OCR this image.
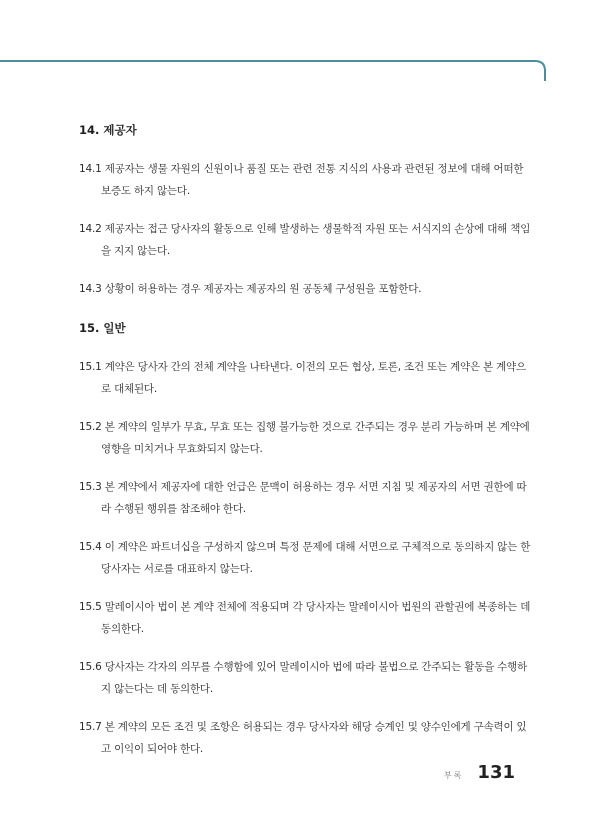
14. 제공자

14.1 제공자는 생물 자원의 신원이나 품질 또는 관련 전통 지식의 사용과 관련된 정보에 대해 어떠한 보증도 하지 않는다.

14.2 제공자는 접근 당사자의 활동으로 인해 발생하는 생물학적 자원 또는 서식지의 손상에 대해 책임을 지지 않는다.

14.3 상황이 허용하는 경우 제공자는 제공자의 원 공동체 구성원을 포함한다.

15. 일반

15.1 계약은 당사자 간의 전체 계약을 나타낸다. 이전의 모든 협상, 토론, 조건 또는 계약은 본 계약으로 대체된다.

15.2 본 계약의 일부가 무효, 무효 또는 집행 불가능한 것으로 간주되는 경우 분리 가능하며 본 계약에 영향을 미치거나 무효화되지 않는다.

15.3 본 계약에서 제공자에 대한 언급은 문맥이 허용하는 경우 서면 지침 및 제공자의 서면 권한에 따라 수행된 행위를 참조해야 한다.

15.4 이 계약은 파트너십을 구성하지 않으며 특정 문제에 대해 서면으로 구체적으로 동의하지 않는 한 당사자는 서로를 대표하지 않는다.

15.5 말레이시아 법이 본 계약 전체에 적용되며 각 당사자는 말레이시아 법원의 관할권에 복종하는 데 동의한다.

15.6 당사자는 각자의 의무를 수행함에 있어 말레이시아 법에 따라 불법으로 간주되는 활동을 수행하지 않는다는 데 동의한다.

15.7 본 계약의 모든 조건 및 조항은 허용되는 경우 당사자와 해당 승계인 및 양수인에게 구속력이 있고 이익이 되어야 한다.

부록 131
